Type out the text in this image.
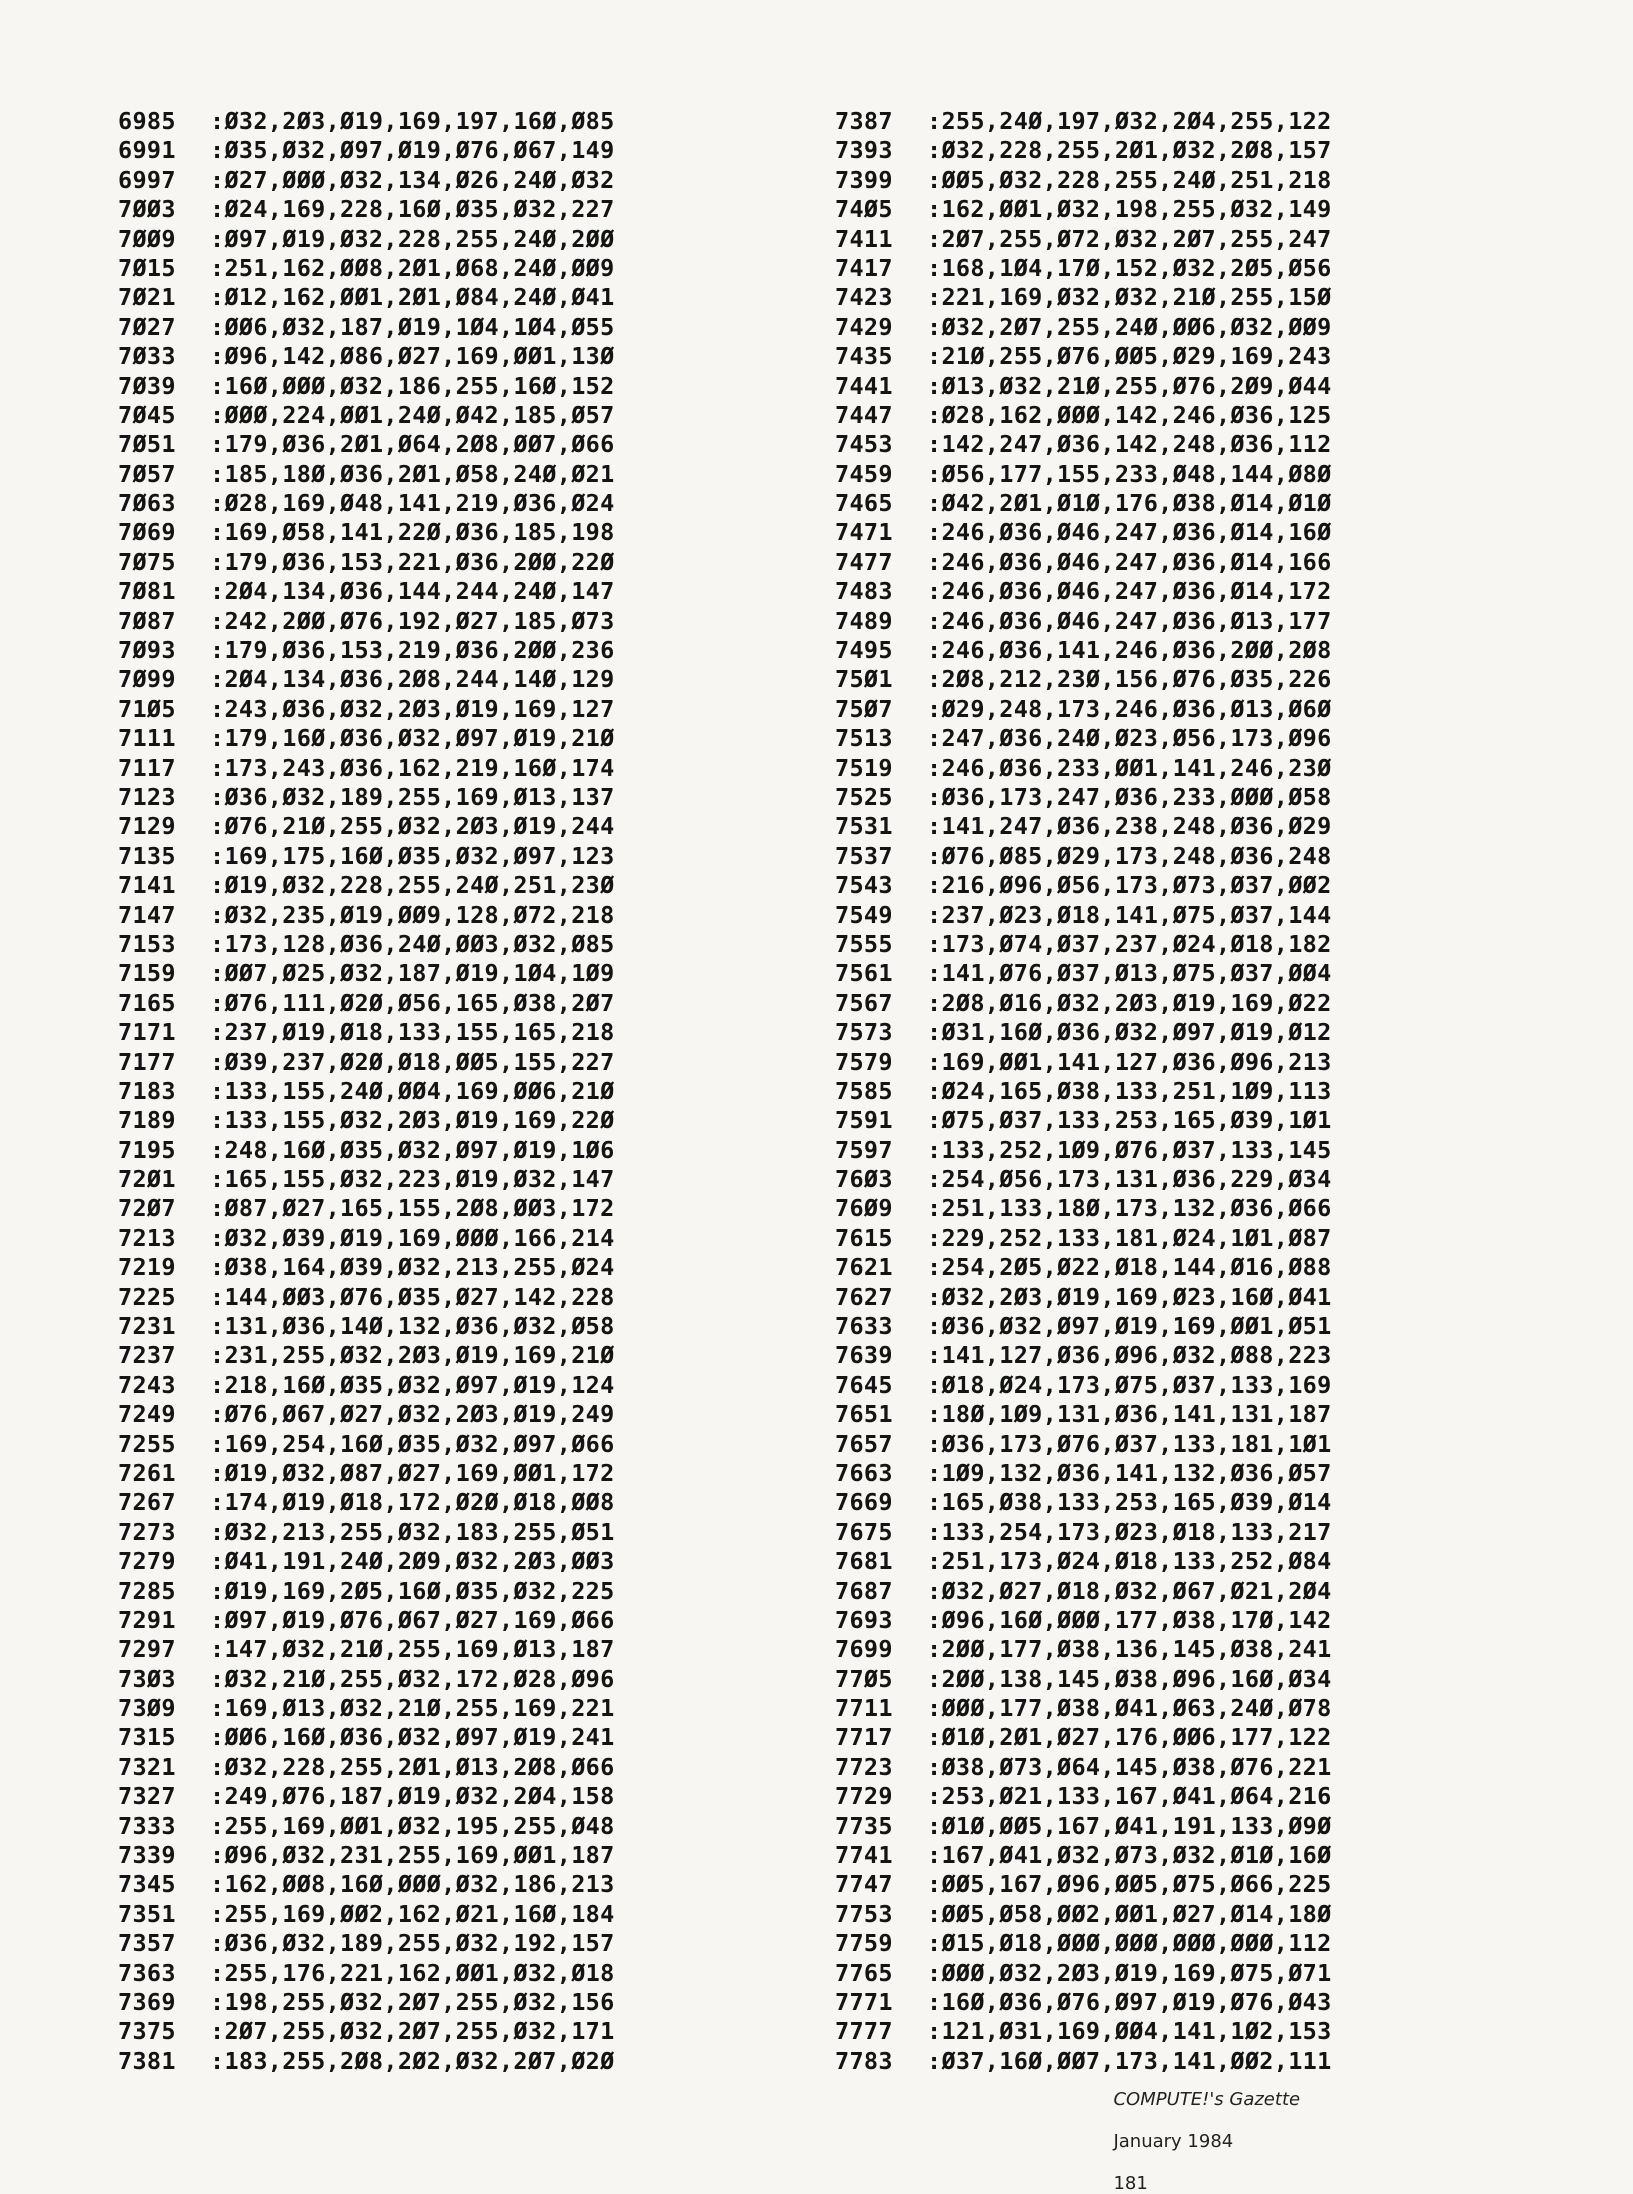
6985 :Ø32,2Ø3,Ø19,169,197,16Ø,Ø85
6991 :Ø35,Ø32,Ø97,Ø19,Ø76,Ø67,149
6997 :Ø27,ØØØ,Ø32,134,Ø26,24Ø,Ø32
7ØØ3 :Ø24,169,228,16Ø,Ø35,Ø32,227
7ØØ9 :Ø97,Ø19,Ø32,228,255,24Ø,2ØØ
7Ø15 :251,162,ØØ8,2Ø1,Ø68,24Ø,ØØ9
7Ø21 :Ø12,162,ØØ1,2Ø1,Ø84,24Ø,Ø41
7Ø27 :ØØ6,Ø32,187,Ø19,1Ø4,1Ø4,Ø55
7Ø33 :Ø96,142,Ø86,Ø27,169,ØØ1,13Ø
7Ø39 :16Ø,ØØØ,Ø32,186,255,16Ø,152
7Ø45 :ØØØ,224,ØØ1,24Ø,Ø42,185,Ø57
7Ø51 :179,Ø36,2Ø1,Ø64,2Ø8,ØØ7,Ø66
7Ø57 :185,18Ø,Ø36,2Ø1,Ø58,24Ø,Ø21
7Ø63 :Ø28,169,Ø48,141,219,Ø36,Ø24
7Ø69 :169,Ø58,141,22Ø,Ø36,185,198
7Ø75 :179,Ø36,153,221,Ø36,2ØØ,22Ø
7Ø81 :2Ø4,134,Ø36,144,244,24Ø,147
7Ø87 :242,2ØØ,Ø76,192,Ø27,185,Ø73
7Ø93 :179,Ø36,153,219,Ø36,2ØØ,236
7Ø99 :2Ø4,134,Ø36,2Ø8,244,14Ø,129
71Ø5 :243,Ø36,Ø32,2Ø3,Ø19,169,127
7111 :179,16Ø,Ø36,Ø32,Ø97,Ø19,21Ø
7117 :173,243,Ø36,162,219,16Ø,174
7123 :Ø36,Ø32,189,255,169,Ø13,137
7129 :Ø76,21Ø,255,Ø32,2Ø3,Ø19,244
7135 :169,175,16Ø,Ø35,Ø32,Ø97,123
7141 :Ø19,Ø32,228,255,24Ø,251,23Ø
7147 :Ø32,235,Ø19,ØØ9,128,Ø72,218
7153 :173,128,Ø36,24Ø,ØØ3,Ø32,Ø85
7159 :ØØ7,Ø25,Ø32,187,Ø19,1Ø4,1Ø9
7165 :Ø76,111,Ø2Ø,Ø56,165,Ø38,2Ø7
7171 :237,Ø19,Ø18,133,155,165,218
7177 :Ø39,237,Ø2Ø,Ø18,ØØ5,155,227
7183 :133,155,24Ø,ØØ4,169,ØØ6,21Ø
7189 :133,155,Ø32,2Ø3,Ø19,169,22Ø
7195 :248,16Ø,Ø35,Ø32,Ø97,Ø19,1Ø6
72Ø1 :165,155,Ø32,223,Ø19,Ø32,147
72Ø7 :Ø87,Ø27,165,155,2Ø8,ØØ3,172
7213 :Ø32,Ø39,Ø19,169,ØØØ,166,214
7219 :Ø38,164,Ø39,Ø32,213,255,Ø24
7225 :144,ØØ3,Ø76,Ø35,Ø27,142,228
7231 :131,Ø36,14Ø,132,Ø36,Ø32,Ø58
7237 :231,255,Ø32,2Ø3,Ø19,169,21Ø
7243 :218,16Ø,Ø35,Ø32,Ø97,Ø19,124
7249 :Ø76,Ø67,Ø27,Ø32,2Ø3,Ø19,249
7255 :169,254,16Ø,Ø35,Ø32,Ø97,Ø66
7261 :Ø19,Ø32,Ø87,Ø27,169,ØØ1,172
7267 :174,Ø19,Ø18,172,Ø2Ø,Ø18,ØØ8
7273 :Ø32,213,255,Ø32,183,255,Ø51
7279 :Ø41,191,24Ø,2Ø9,Ø32,2Ø3,ØØ3
7285 :Ø19,169,2Ø5,16Ø,Ø35,Ø32,225
7291 :Ø97,Ø19,Ø76,Ø67,Ø27,169,Ø66
7297 :147,Ø32,21Ø,255,169,Ø13,187
73Ø3 :Ø32,21Ø,255,Ø32,172,Ø28,Ø96
73Ø9 :169,Ø13,Ø32,21Ø,255,169,221
7315 :ØØ6,16Ø,Ø36,Ø32,Ø97,Ø19,241
7321 :Ø32,228,255,2Ø1,Ø13,2Ø8,Ø66
7327 :249,Ø76,187,Ø19,Ø32,2Ø4,158
7333 :255,169,ØØ1,Ø32,195,255,Ø48
7339 :Ø96,Ø32,231,255,169,ØØ1,187
7345 :162,ØØ8,16Ø,ØØØ,Ø32,186,213
7351 :255,169,ØØ2,162,Ø21,16Ø,184
7357 :Ø36,Ø32,189,255,Ø32,192,157
7363 :255,176,221,162,ØØ1,Ø32,Ø18
7369 :198,255,Ø32,2Ø7,255,Ø32,156
7375 :2Ø7,255,Ø32,2Ø7,255,Ø32,171
7381 :183,255,2Ø8,2Ø2,Ø32,2Ø7,Ø2Ø
7387 :255,24Ø,197,Ø32,2Ø4,255,122
7393 :Ø32,228,255,2Ø1,Ø32,2Ø8,157
7399 :ØØ5,Ø32,228,255,24Ø,251,218
74Ø5 :162,ØØ1,Ø32,198,255,Ø32,149
7411 :2Ø7,255,Ø72,Ø32,2Ø7,255,247
7417 :168,1Ø4,17Ø,152,Ø32,2Ø5,Ø56
7423 :221,169,Ø32,Ø32,21Ø,255,15Ø
7429 :Ø32,2Ø7,255,24Ø,ØØ6,Ø32,ØØ9
7435 :21Ø,255,Ø76,ØØ5,Ø29,169,243
7441 :Ø13,Ø32,21Ø,255,Ø76,2Ø9,Ø44
7447 :Ø28,162,ØØØ,142,246,Ø36,125
7453 :142,247,Ø36,142,248,Ø36,112
7459 :Ø56,177,155,233,Ø48,144,Ø8Ø
7465 :Ø42,2Ø1,Ø1Ø,176,Ø38,Ø14,Ø1Ø
7471 :246,Ø36,Ø46,247,Ø36,Ø14,16Ø
7477 :246,Ø36,Ø46,247,Ø36,Ø14,166
7483 :246,Ø36,Ø46,247,Ø36,Ø14,172
7489 :246,Ø36,Ø46,247,Ø36,Ø13,177
7495 :246,Ø36,141,246,Ø36,2ØØ,2Ø8
75Ø1 :2Ø8,212,23Ø,156,Ø76,Ø35,226
75Ø7 :Ø29,248,173,246,Ø36,Ø13,Ø6Ø
7513 :247,Ø36,24Ø,Ø23,Ø56,173,Ø96
7519 :246,Ø36,233,ØØ1,141,246,23Ø
7525 :Ø36,173,247,Ø36,233,ØØØ,Ø58
7531 :141,247,Ø36,238,248,Ø36,Ø29
7537 :Ø76,Ø85,Ø29,173,248,Ø36,248
7543 :216,Ø96,Ø56,173,Ø73,Ø37,ØØ2
7549 :237,Ø23,Ø18,141,Ø75,Ø37,144
7555 :173,Ø74,Ø37,237,Ø24,Ø18,182
7561 :141,Ø76,Ø37,Ø13,Ø75,Ø37,ØØ4
7567 :2Ø8,Ø16,Ø32,2Ø3,Ø19,169,Ø22
7573 :Ø31,16Ø,Ø36,Ø32,Ø97,Ø19,Ø12
7579 :169,ØØ1,141,127,Ø36,Ø96,213
7585 :Ø24,165,Ø38,133,251,1Ø9,113
7591 :Ø75,Ø37,133,253,165,Ø39,1Ø1
7597 :133,252,1Ø9,Ø76,Ø37,133,145
76Ø3 :254,Ø56,173,131,Ø36,229,Ø34
76Ø9 :251,133,18Ø,173,132,Ø36,Ø66
7615 :229,252,133,181,Ø24,1Ø1,Ø87
7621 :254,2Ø5,Ø22,Ø18,144,Ø16,Ø88
7627 :Ø32,2Ø3,Ø19,169,Ø23,16Ø,Ø41
7633 :Ø36,Ø32,Ø97,Ø19,169,ØØ1,Ø51
7639 :141,127,Ø36,Ø96,Ø32,Ø88,223
7645 :Ø18,Ø24,173,Ø75,Ø37,133,169
7651 :18Ø,1Ø9,131,Ø36,141,131,187
7657 :Ø36,173,Ø76,Ø37,133,181,1Ø1
7663 :1Ø9,132,Ø36,141,132,Ø36,Ø57
7669 :165,Ø38,133,253,165,Ø39,Ø14
7675 :133,254,173,Ø23,Ø18,133,217
7681 :251,173,Ø24,Ø18,133,252,Ø84
7687 :Ø32,Ø27,Ø18,Ø32,Ø67,Ø21,2Ø4
7693 :Ø96,16Ø,ØØØ,177,Ø38,17Ø,142
7699 :2ØØ,177,Ø38,136,145,Ø38,241
77Ø5 :2ØØ,138,145,Ø38,Ø96,16Ø,Ø34
7711 :ØØØ,177,Ø38,Ø41,Ø63,24Ø,Ø78
7717 :Ø1Ø,2Ø1,Ø27,176,ØØ6,177,122
7723 :Ø38,Ø73,Ø64,145,Ø38,Ø76,221
7729 :253,Ø21,133,167,Ø41,Ø64,216
7735 :Ø1Ø,ØØ5,167,Ø41,191,133,Ø9Ø
7741 :167,Ø41,Ø32,Ø73,Ø32,Ø1Ø,16Ø
7747 :ØØ5,167,Ø96,ØØ5,Ø75,Ø66,225
7753 :ØØ5,Ø58,ØØ2,ØØ1,Ø27,Ø14,18Ø
7759 :Ø15,Ø18,ØØØ,ØØØ,ØØØ,ØØØ,112
7765 :ØØØ,Ø32,2Ø3,Ø19,169,Ø75,Ø71
7771 :16Ø,Ø36,Ø76,Ø97,Ø19,Ø76,Ø43
7777 :121,Ø31,169,ØØ4,141,1Ø2,153
7783 :Ø37,16Ø,ØØ7,173,141,ØØ2,111

COMPUTE!'s Gazette

January 1984

181
